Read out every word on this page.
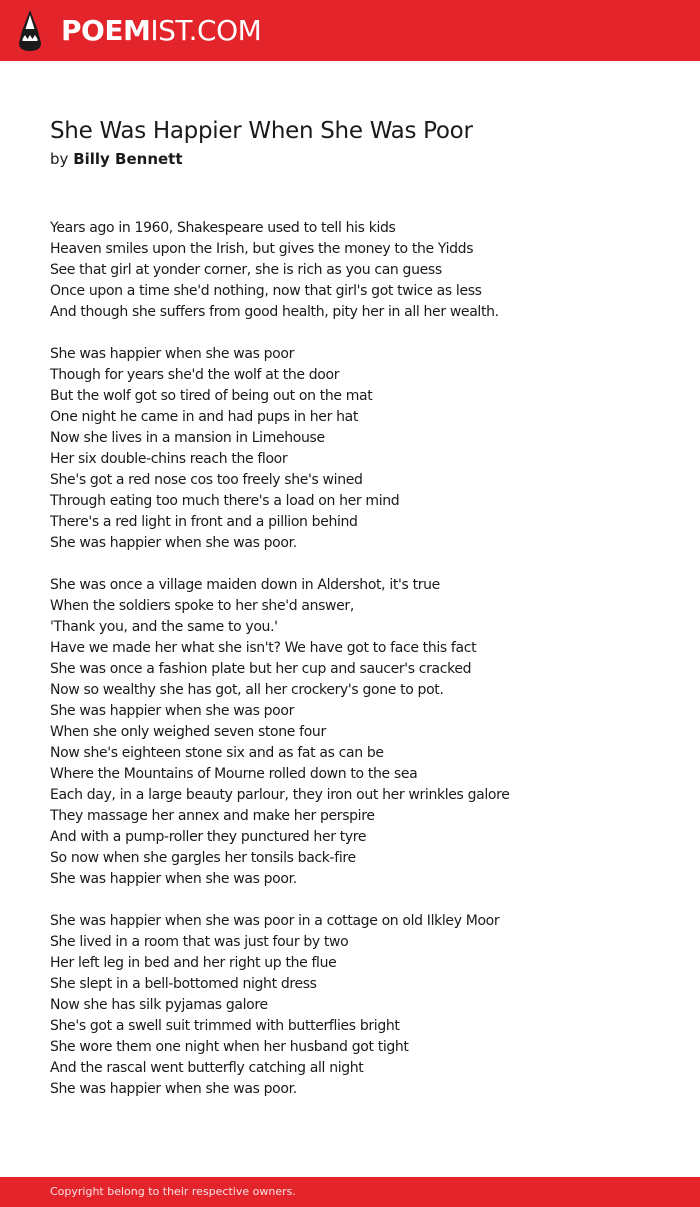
POEMIST.COM
She Was Happier When She Was Poor
by Billy Bennett
Years ago in 1960, Shakespeare used to tell his kids
Heaven smiles upon the Irish, but gives the money to the Yidds
See that girl at yonder corner, she is rich as you can guess
Once upon a time she'd nothing, now that girl's got twice as less
And though she suffers from good health, pity her in all her wealth.
She was happier when she was poor
Though for years she'd the wolf at the door
But the wolf got so tired of being out on the mat
One night he came in and had pups in her hat
Now she lives in a mansion in Limehouse
Her six double-chins reach the floor
She's got a red nose cos too freely she's wined
Through eating too much there's a load on her mind
There's a red light in front and a pillion behind
She was happier when she was poor.
She was once a village maiden down in Aldershot, it's true
When the soldiers spoke to her she'd answer,
'Thank you, and the same to you.'
Have we made her what she isn't? We have got to face this fact
She was once a fashion plate but her cup and saucer's cracked
Now so wealthy she has got, all her crockery's gone to pot.
She was happier when she was poor
When she only weighed seven stone four
Now she's eighteen stone six and as fat as can be
Where the Mountains of Mourne rolled down to the sea
Each day, in a large beauty parlour, they iron out her wrinkles galore
They massage her annex and make her perspire
And with a pump-roller they punctured her tyre
So now when she gargles her tonsils back-fire
She was happier when she was poor.
She was happier when she was poor in a cottage on old Ilkley Moor
She lived in a room that was just four by two
Her left leg in bed and her right up the flue
She slept in a bell-bottomed night dress
Now she has silk pyjamas galore
She's got a swell suit trimmed with butterflies bright
She wore them one night when her husband got tight
And the rascal went butterfly catching all night
She was happier when she was poor.
Copyright belong to their respective owners.
